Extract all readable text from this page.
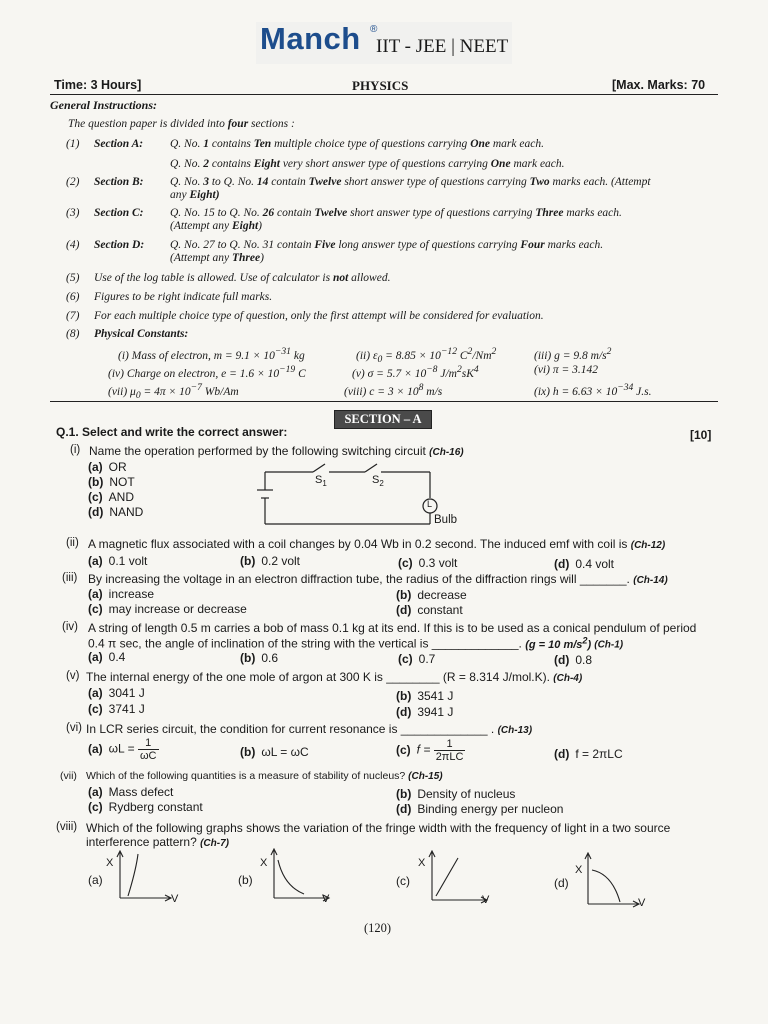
Manch ®
IIT - JEE | NEET
Time: 3 Hours]	PHYSICS	[Max. Marks: 70
General Instructions:
The question paper is divided into four sections :
(1) Section A: Q. No. 1 contains Ten multiple choice type of questions carrying One mark each.
Q. No. 2 contains Eight very short answer type of questions carrying One mark each.
(2) Section B: Q. No. 3 to Q. No. 14 contain Twelve short answer type of questions carrying Two marks each. (Attempt
any Eight)
(3) Section C: Q. No. 15 to Q. No. 26 contain Twelve short answer type of questions carrying Three marks each.
(Attempt any Eight)
(4) Section D: Q. No. 27 to Q. No. 31 contain Five long answer type of questions carrying Four marks each.
(Attempt any Three)
(5) Use of the log table is allowed. Use of calculator is not allowed.
(6) Figures to be right indicate full marks.
(7) For each multiple choice type of question, only the first attempt will be considered for evaluation.
(8) Physical Constants:
(i) Mass of electron, $m = 9.1 \times 10^{-31}$ kg	(ii) $\varepsilon_0 = 8.85 \times 10^{-12}$ $C^2/Nm^2$	(iii) g = 9.8 $m/s^2$
(iv) Charge on electron, $e = 1.6 \times 10^{-19}$ C	(v) $\sigma = 5.7 \times 10^{-8}$ $J/m^2sK^4$	(vi) π = 3.142
(vii) $\mu_0 = 4\pi \times 10^{-7}$ Wb/Am	(viii) $c = 3 \times 10^8$ m/s	(ix) $h = 6.63 \times 10^{-34}$ J.s.
SECTION – A
Q.1. Select and write the correct answer:	[10]
(i) Name the operation performed by the following switching circuit (Ch-16)
(a) OR
(b) NOT
(c) AND
(d) NAND
$S_1$	$S_2$
L
Bulb
(ii) A magnetic flux associated with a coil changes by 0.04 Wb in 0.2 second. The induced emf with coil is (Ch-12)
(a) 0.1 volt	(b) 0.2 volt	(c) 0.3 volt	(d) 0.4 volt
(iii) By increasing the voltage in an electron diffraction tube, the radius of the diffraction rings will _______. (Ch-14)
(a) increase	(b) decrease
(c) may increase or decrease	(d) constant
(iv) A string of length 0.5 m carries a bob of mass 0.1 kg at its end. If this is to be used as a conical pendulum of period
0.4 π sec, the angle of inclination of the string with the vertical is _____________. (g = 10 $m/s^2$) (Ch-1)
(a) 0.4	(b) 0.6	(c) 0.7	(d) 0.8
(v) The internal energy of the one mole of argon at 300 K is ________ (R = 8.314 J/mol.K). (Ch-4)
(a) 3041 J	(b) 3541 J
(c) 3741 J	(d) 3941 J
(vi) In LCR series circuit, the condition for current resonance is _____________ . (Ch-13)
(a) $\omega L = \frac{1}{\omega C}$	(b) ωL = ωC	(c) $f = \frac{1}{\text{2πLC}}$	(d) f = 2πLC
(vii) Which of the following quantities is a measure of stability of nucleus? (Ch-15)
(a) Mass defect	(b) Density of nucleus
(c) Rydberg constant	(d) Binding energy per nucleon
(viii) Which of the following graphs shows the variation of the fringe width with the frequency of light in a two source
interference pattern? (Ch-7)
(a)
X
V
(b)
X
V
(c)
X
V
(d)
X
V
(120)
